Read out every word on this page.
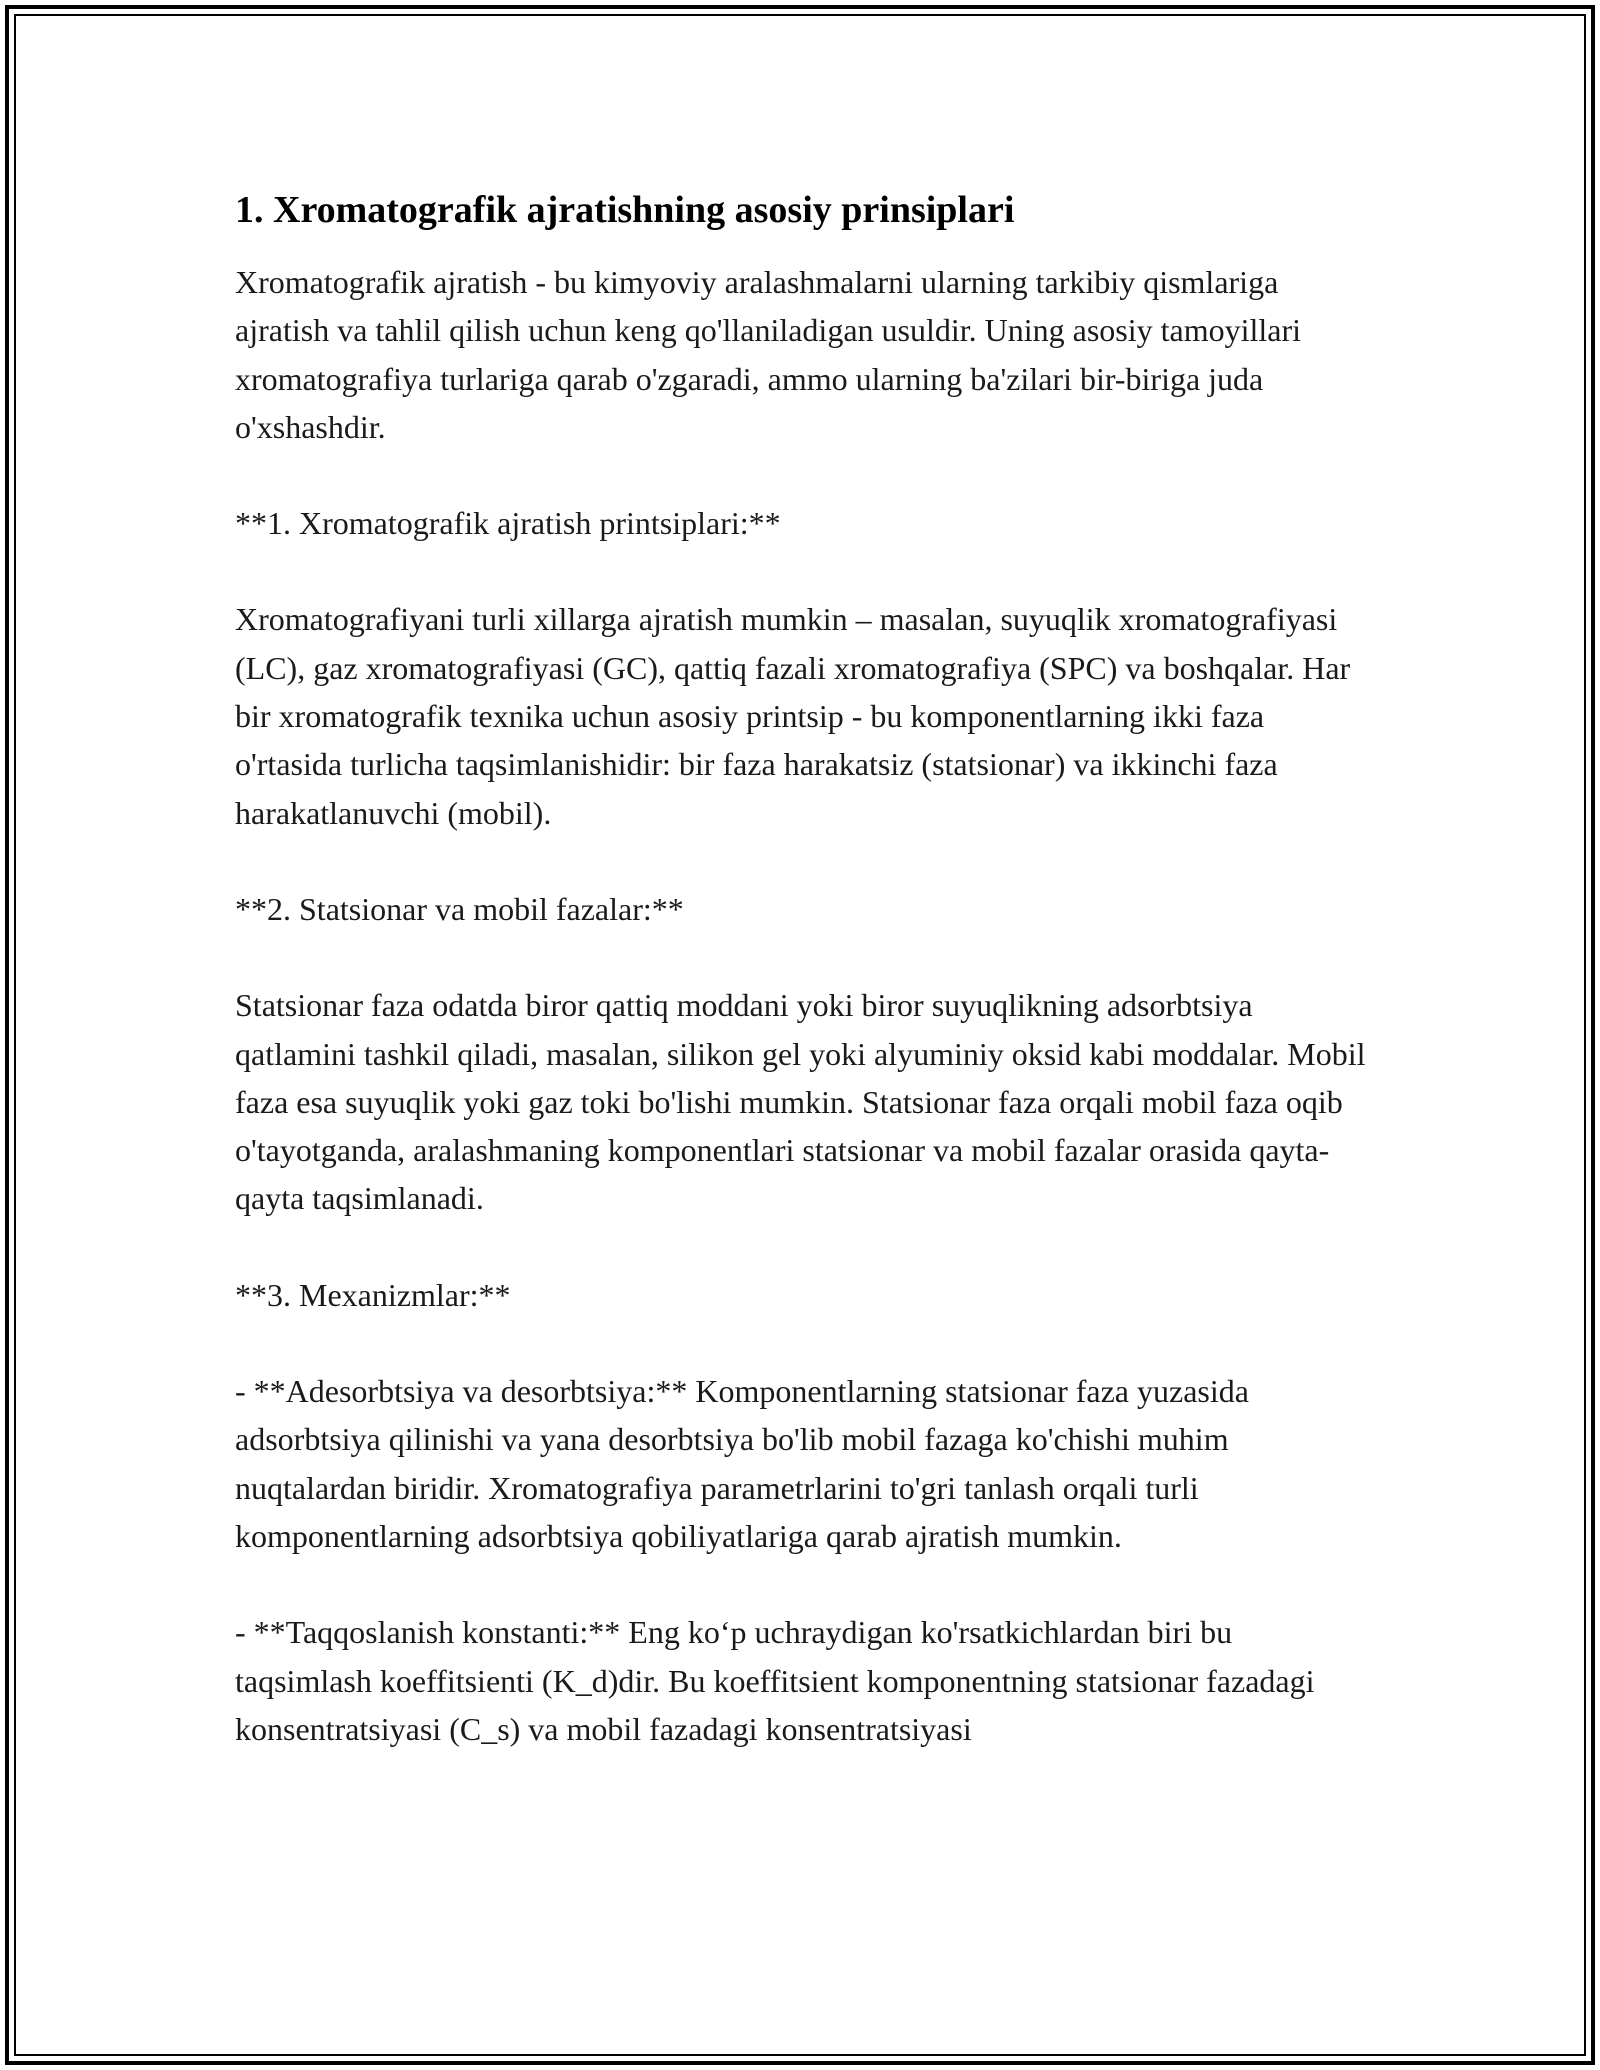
1. Xromatografik ajratishning asosiy prinsiplari

Xromatografik ajratish - bu kimyoviy aralashmalarni ularning tarkibiy qismlariga ajratish va tahlil qilish uchun keng qo'llaniladigan usuldir. Uning asosiy tamoyillari xromatografiya turlariga qarab o'zgaradi, ammo ularning ba'zilari bir-biriga juda o'xshashdir.

**1. Xromatografik ajratish printsiplari:**

Xromatografiyani turli xillarga ajratish mumkin – masalan, suyuqlik xromatografiyasi (LC), gaz xromatografiyasi (GC), qattiq fazali xromatografiya (SPC) va boshqalar. Har bir xromatografik texnika uchun asosiy printsip - bu komponentlarning ikki faza o'rtasida turlicha taqsimlanishidir: bir faza harakatsiz (statsionar) va ikkinchi faza harakatlanuvchi (mobil).

**2. Statsionar va mobil fazalar:**

Statsionar faza odatda biror qattiq moddani yoki biror suyuqlikning adsorbtsiya qatlamini tashkil qiladi, masalan, silikon gel yoki alyuminiy oksid kabi moddalar. Mobil faza esa suyuqlik yoki gaz toki bo'lishi mumkin. Statsionar faza orqali mobil faza oqib o'tayotganda, aralashmaning komponentlari statsionar va mobil fazalar orasida qayta-qayta taqsimlanadi.

**3. Mexanizmlar:**

- **Adesorbtsiya va desorbtsiya:** Komponentlarning statsionar faza yuzasida adsorbtsiya qilinishi va yana desorbtsiya bo'lib mobil fazaga ko'chishi muhim nuqtalardan biridir. Xromatografiya parametrlarini to'gri tanlash orqali turli komponentlarning adsorbtsiya qobiliyatlariga qarab ajratish mumkin.

- **Taqqoslanish konstanti:** Eng ko‘p uchraydigan ko'rsatkichlardan biri bu taqsimlash koeffitsienti (K_d)dir. Bu koeffitsient komponentning statsionar fazadagi konsentratsiyasi (C_s) va mobil fazadagi konsentratsiyasi
